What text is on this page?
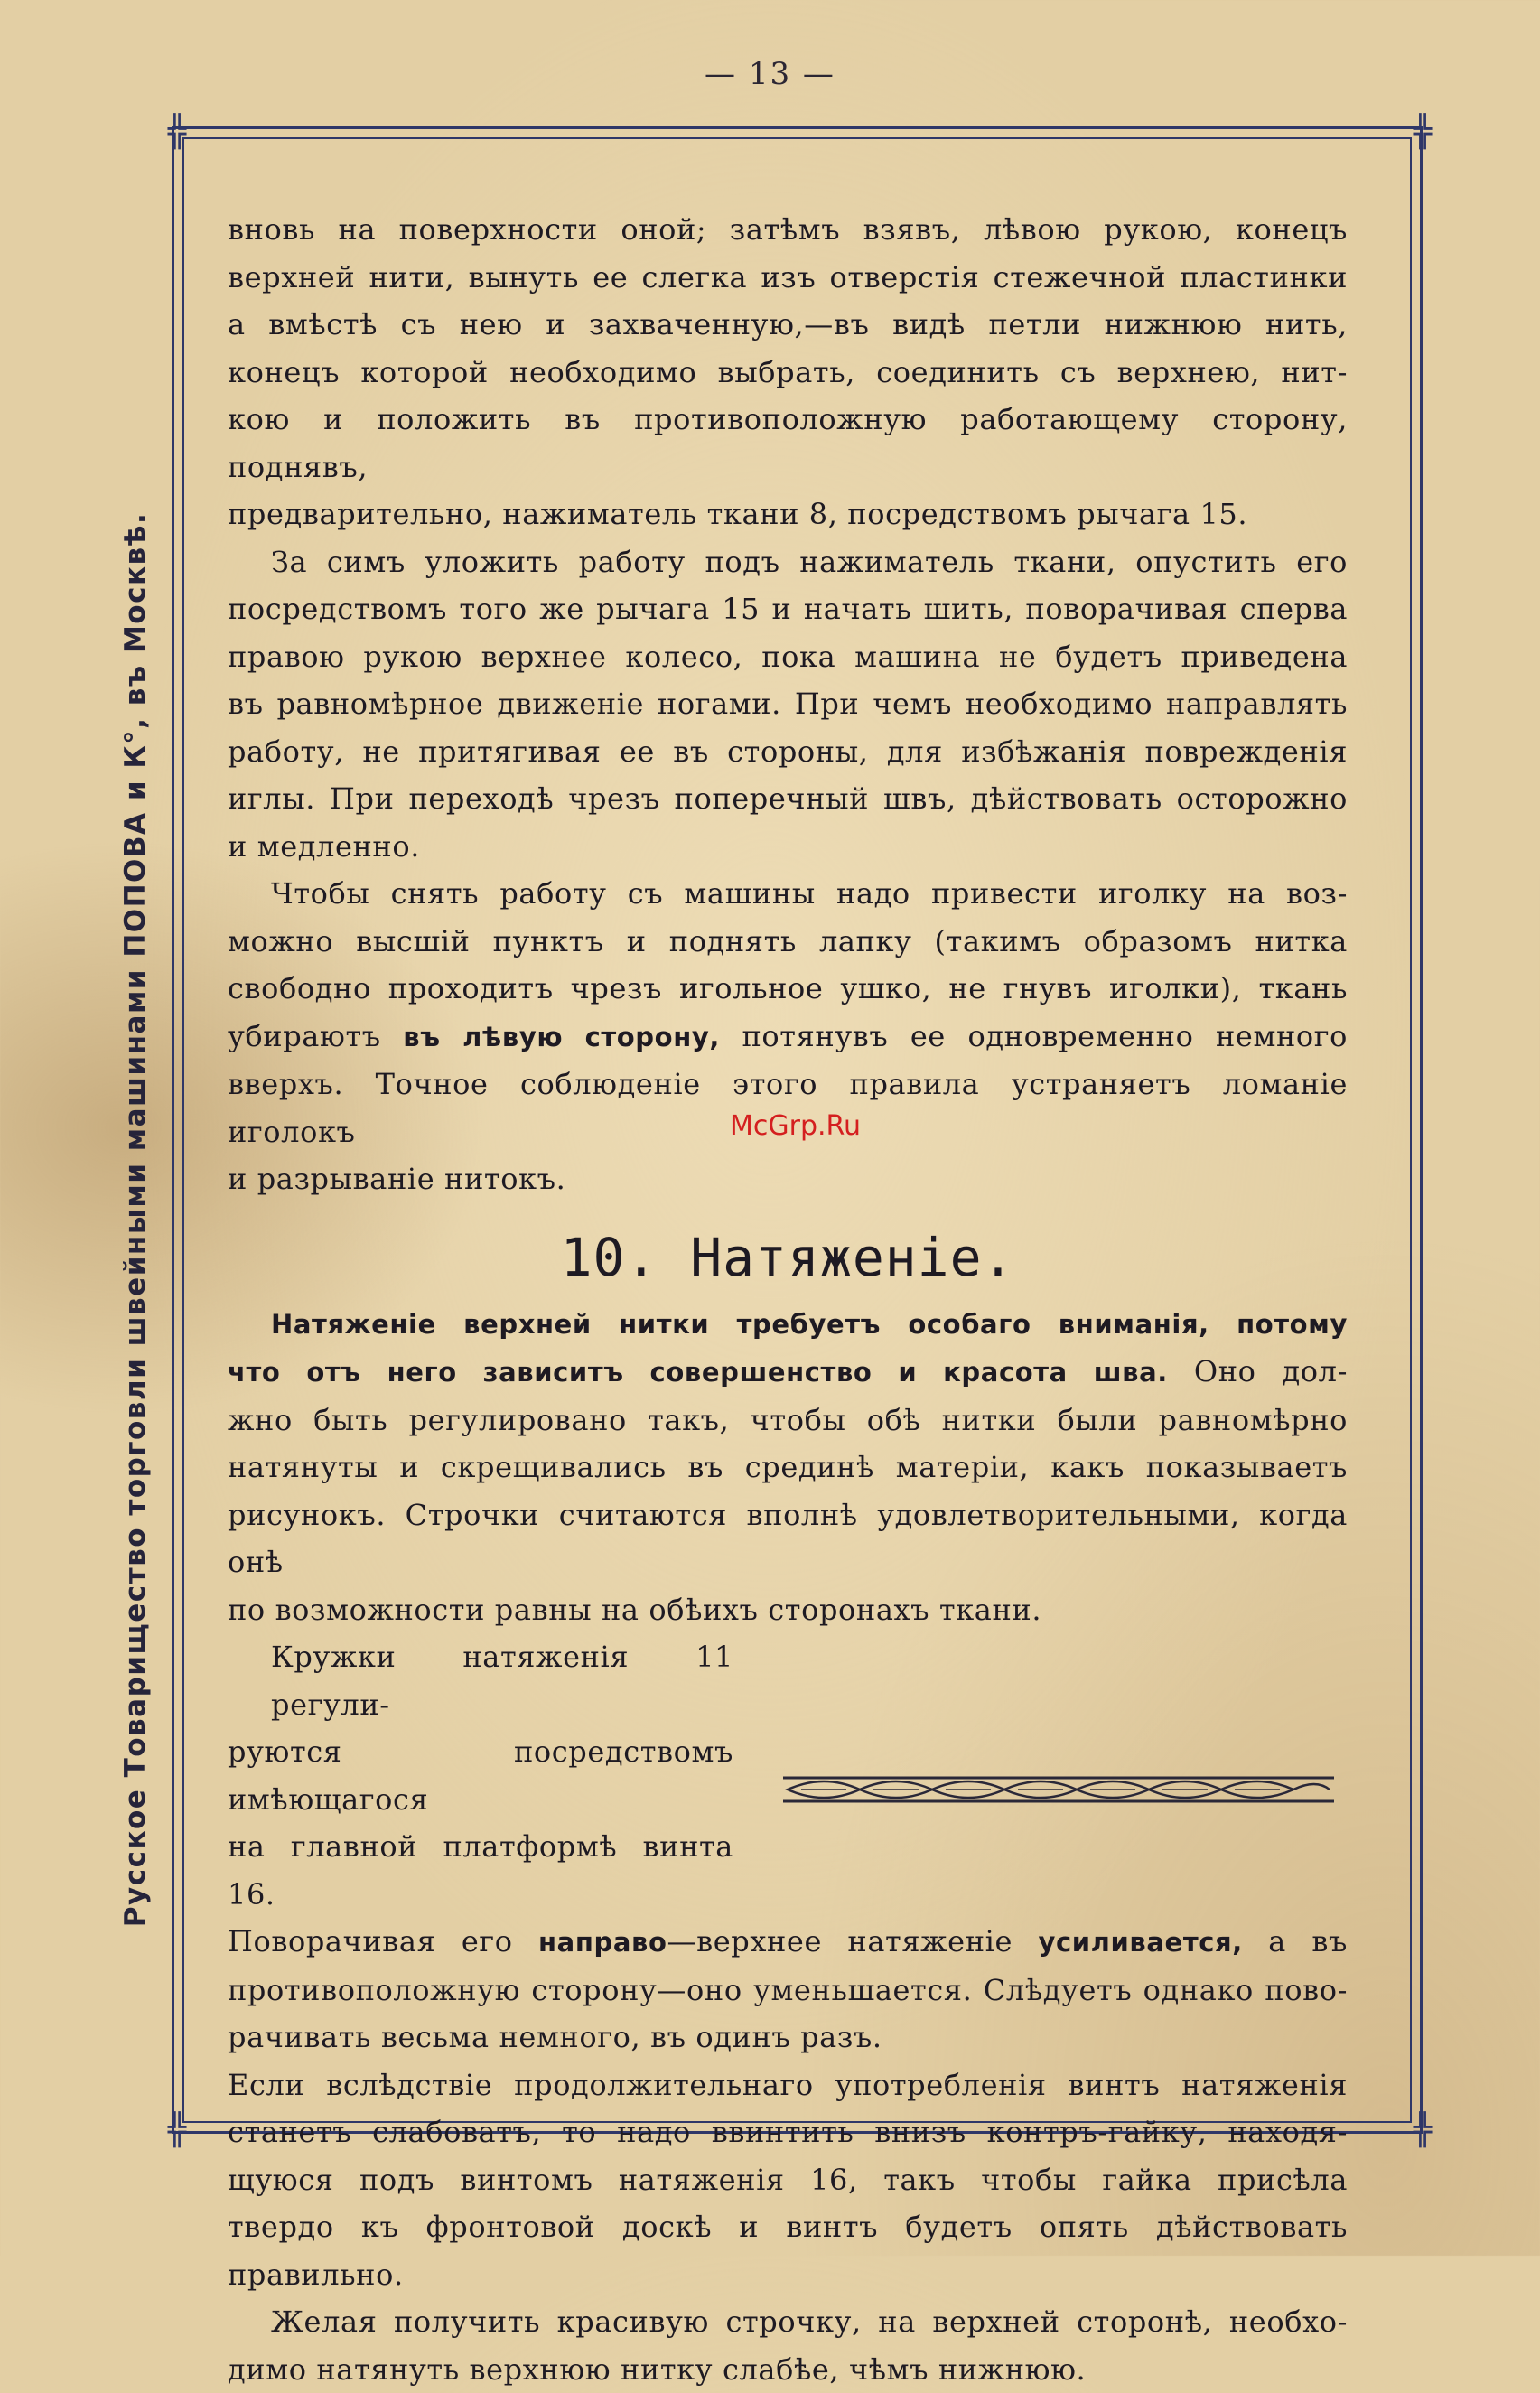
— 13 —
╬	╬
╬	╬
Русское Товарищество торговли швейными машинами ПОПОВА и К°, въ Москвѣ.

вновь на поверхности оной; затѣмъ взявъ, лѣвою рукою, конецъ
верхней нити, вынуть ее слегка изъ отверстія стежечной пластинки
а вмѣстѣ съ нею и захваченную,—въ видѣ петли нижнюю нить,
конецъ которой необходимо выбрать, соединить съ верхнею, нит-
кою и положить въ противоположную работающему сторону, поднявъ,
предварительно, нажиматель ткани 8, посредствомъ рычага 15.

За симъ уложить работу подъ нажиматель ткани, опустить его
посредствомъ того же рычага 15 и начать шить, поворачивая сперва
правою рукою верхнее колесо, пока машина не будетъ приведена
въ равномѣрное движеніе ногами. При чемъ необходимо направлять
работу, не притягивая ее въ стороны, для избѣжанія поврежденія
иглы. При переходѣ чрезъ поперечный швъ, дѣйствовать осторожно
и медленно.

Чтобы снять работу съ машины надо привести иголку на воз-
можно высшій пунктъ и поднять лапку (такимъ образомъ нитка
свободно проходитъ чрезъ игольное ушко, не гнувъ иголки), ткань
убираютъ въ лѣвую сторону, потянувъ ее одновременно немного
вверхъ. Точное соблюденіе этого правила устраняетъ ломаніе иголокъ
и разрываніе нитокъ.

10. Натяженіе.

Натяженіе верхней нитки требуетъ особаго вниманія, потому
что отъ него зависитъ совершенство и красота шва. Оно дол-
жно быть регулировано такъ, чтобы обѣ нитки были равномѣрно
натянуты и скрещивались въ срединѣ матеріи, какъ показываетъ
рисунокъ. Строчки считаются вполнѣ удовлетворительными, когда онѣ
по возможности равны на обѣихъ сторонахъ ткани.

Кружки натяженія 11 регули-
руются посредствомъ имѣющагося
на главной платформѣ винта 16.

Поворачивая его направо—верхнее натяженіе усиливается, а въ
противоположную сторону—оно уменьшается. Слѣдуетъ однако пово-
рачивать весьма немного, въ одинъ разъ.

Если вслѣдствіе продолжительнаго употребленія винтъ натяженія
станетъ слабоватъ, то надо ввинтить внизъ контръ-гайку, находя-
щуюся подъ винтомъ натяженія 16, такъ чтобы гайка присѣла
твердо къ фронтовой доскѣ и винтъ будетъ опять дѣйствовать
правильно.

Желая получить красивую строчку, на верхней сторонѣ, необхо-
димо натянуть верхнюю нитку слабѣе, чѣмъ нижнюю.

McGrp.Ru
